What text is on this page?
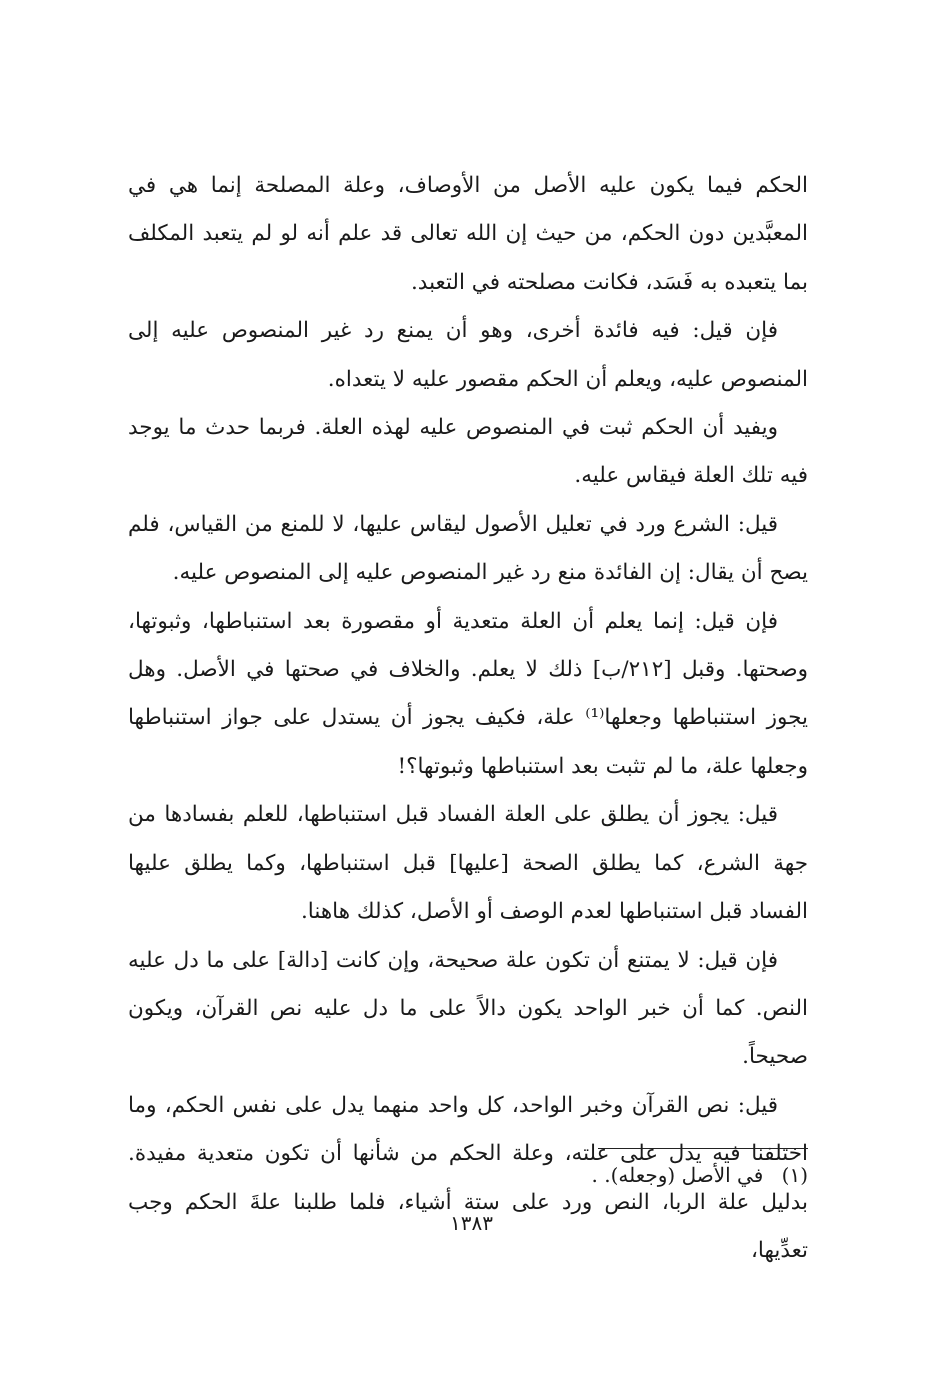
الحكم فيما يكون عليه الأصل من الأوصاف، وعلة المصلحة إنما هي في المعبَّدين دون الحكم، من حيث إن الله تعالى قد علم أنه لو لم يتعبد المكلف بما يتعبده به فَسَد، فكانت مصلحته في التعبد.

فإن قيل: فيه فائدة أخرى، وهو أن يمنع رد غير المنصوص عليه إلى المنصوص عليه، ويعلم أن الحكم مقصور عليه لا يتعداه.

ويفيد أن الحكم ثبت في المنصوص عليه لهذه العلة. فربما حدث ما يوجد فيه تلك العلة فيقاس عليه.

قيل: الشرع ورد في تعليل الأصول ليقاس عليها، لا للمنع من القياس، فلم يصح أن يقال: إن الفائدة منع رد غير المنصوص عليه إلى المنصوص عليه.

فإن قيل: إنما يعلم أن العلة متعدية أو مقصورة بعد استنباطها، وثبوتها، وصحتها. وقبل [٢١٢/ب] ذلك لا يعلم. والخلاف في صحتها في الأصل. وهل يجوز استنباطها وجعلها⁽¹⁾ علة، فكيف يجوز أن يستدل على جواز استنباطها وجعلها علة، ما لم تثبت بعد استنباطها وثبوتها؟!

قيل: يجوز أن يطلق على العلة الفساد قبل استنباطها، للعلم بفسادها من جهة الشرع، كما يطلق الصحة [عليها] قبل استنباطها، وكما يطلق عليها الفساد قبل استنباطها لعدم الوصف أو الأصل، كذلك هاهنا.

فإن قيل: لا يمتنع أن تكون علة صحيحة، وإن كانت [دالة] على ما دل عليه النص. كما أن خبر الواحد يكون دالاً على ما دل عليه نص القرآن، ويكون صحيحاً.

قيل: نص القرآن وخبر الواحد، كل واحد منهما يدل على نفس الحكم، وما اختلفنا فيه يدل على علته، وعلة الحكم من شأنها أن تكون متعدية مفيدة. بدليل علة الربا، النص ورد على ستة أشياء، فلما طلبنا علةَ الحكم وجب تعدِّيها،

(١) في الأصل (وجعله). .
١٣٨٣
